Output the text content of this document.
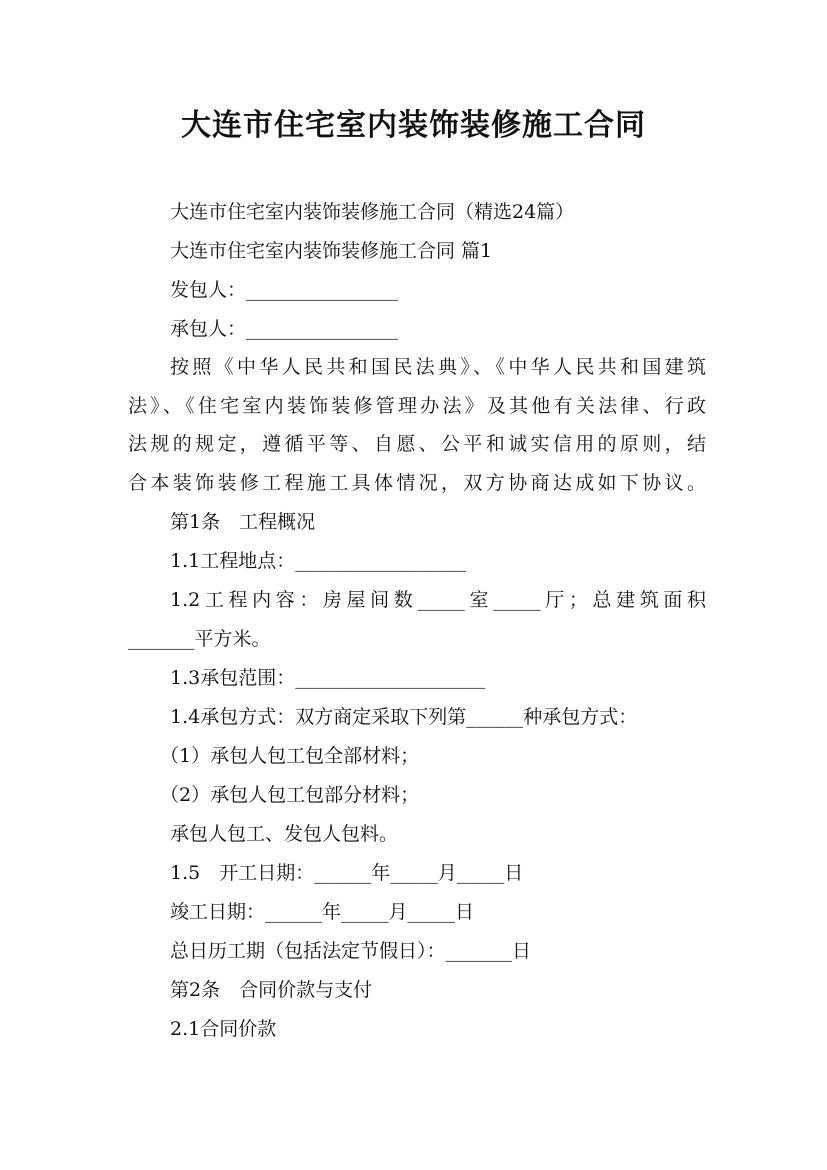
大连市住宅室内装饰装修施工合同

大连市住宅室内装饰装修施工合同（精选24篇）

大连市住宅室内装饰装修施工合同 篇1

发包人：________________

承包人：________________

按照《中华人民共和国民法典》、《中华人民共和国建筑

法》、《住宅室内装饰装修管理办法》及其他有关法律、行政

法规的规定，遵循平等、自愿、公平和诚实信用的原则，结

合本装饰装修工程施工具体情况，双方协商达成如下协议。

第1条　工程概况

1.1工程地点：__________________

1.2工程内容：房屋间数_____室_____厅；总建筑面积

_______平方米。

1.3承包范围：____________________

1.4承包方式：双方商定采取下列第______种承包方式：

（1）承包人包工包全部材料；

（2）承包人包工包部分材料；

承包人包工、发包人包料。

1.5　开工日期：______年_____月_____日

竣工日期：______年_____月_____日

总日历工期（包括法定节假日）：_______日

第2条　合同价款与支付

2.1合同价款
